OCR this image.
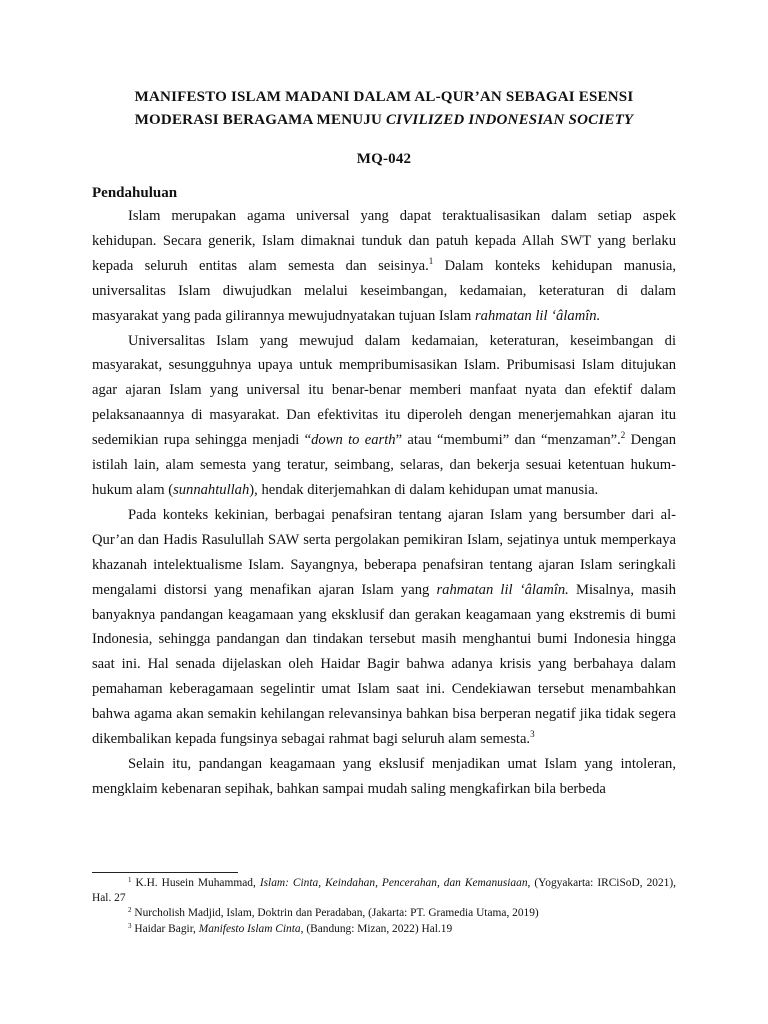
MANIFESTO ISLAM MADANI DALAM AL-QUR’AN SEBAGAI ESENSI
MODERASI BERAGAMA MENUJU CIVILIZED INDONESIAN SOCIETY
MQ-042
Pendahuluan

Islam merupakan agama universal yang dapat teraktualisasikan dalam setiap aspek kehidupan. Secara generik, Islam dimaknai tunduk dan patuh kepada Allah SWT yang berlaku kepada seluruh entitas alam semesta dan seisinya.$^1$ Dalam konteks kehidupan manusia, universalitas Islam diwujudkan melalui keseimbangan, kedamaian, keteraturan di dalam masyarakat yang pada gilirannya mewujudnyatakan tujuan Islam rahmatan lil ‘âlamîn.

Universalitas Islam yang mewujud dalam kedamaian, keteraturan, keseimbangan di masyarakat, sesungguhnya upaya untuk mempribumisasikan Islam. Pribumisasi Islam ditujukan agar ajaran Islam yang universal itu benar-benar memberi manfaat nyata dan efektif dalam pelaksanaannya di masyarakat. Dan efektivitas itu diperoleh dengan menerjemahkan ajaran itu sedemikian rupa sehingga menjadi “down to earth” atau “membumi” dan “menzaman”.$^2$ Dengan istilah lain, alam semesta yang teratur, seimbang, selaras, dan bekerja sesuai ketentuan hukum-hukum alam (sunnahtullah), hendak diterjemahkan di dalam kehidupan umat manusia.

Pada konteks kekinian, berbagai penafsiran tentang ajaran Islam yang bersumber dari al-Qur’an dan Hadis Rasulullah SAW serta pergolakan pemikiran Islam, sejatinya untuk memperkaya khazanah intelektualisme Islam. Sayangnya, beberapa penafsiran tentang ajaran Islam seringkali mengalami distorsi yang menafikan ajaran Islam yang rahmatan lil ‘âlamîn. Misalnya, masih banyaknya pandangan keagamaan yang eksklusif dan gerakan keagamaan yang ekstremis di bumi Indonesia, sehingga pandangan dan tindakan tersebut masih menghantui bumi Indonesia hingga saat ini. Hal senada dijelaskan oleh Haidar Bagir bahwa adanya krisis yang berbahaya dalam pemahaman keberagamaan segelintir umat Islam saat ini. Cendekiawan tersebut menambahkan bahwa agama akan semakin kehilangan relevansinya bahkan bisa berperan negatif jika tidak segera dikembalikan kepada fungsinya sebagai rahmat bagi seluruh alam semesta.$^3$

Selain itu, pandangan keagamaan yang ekslusif menjadikan umat Islam yang intoleran, mengklaim kebenaran sepihak, bahkan sampai mudah saling mengkafirkan bila berbeda

$^1$ K.H. Husein Muhammad, Islam: Cinta, Keindahan, Pencerahan, dan Kemanusiaan, (Yogyakarta: IRCiSoD, 2021), Hal. 27

$^2$ Nurcholish Madjid, Islam, Doktrin dan Peradaban, (Jakarta: PT. Gramedia Utama, 2019)

$^3$ Haidar Bagir, Manifesto Islam Cinta, (Bandung: Mizan, 2022) Hal.19
